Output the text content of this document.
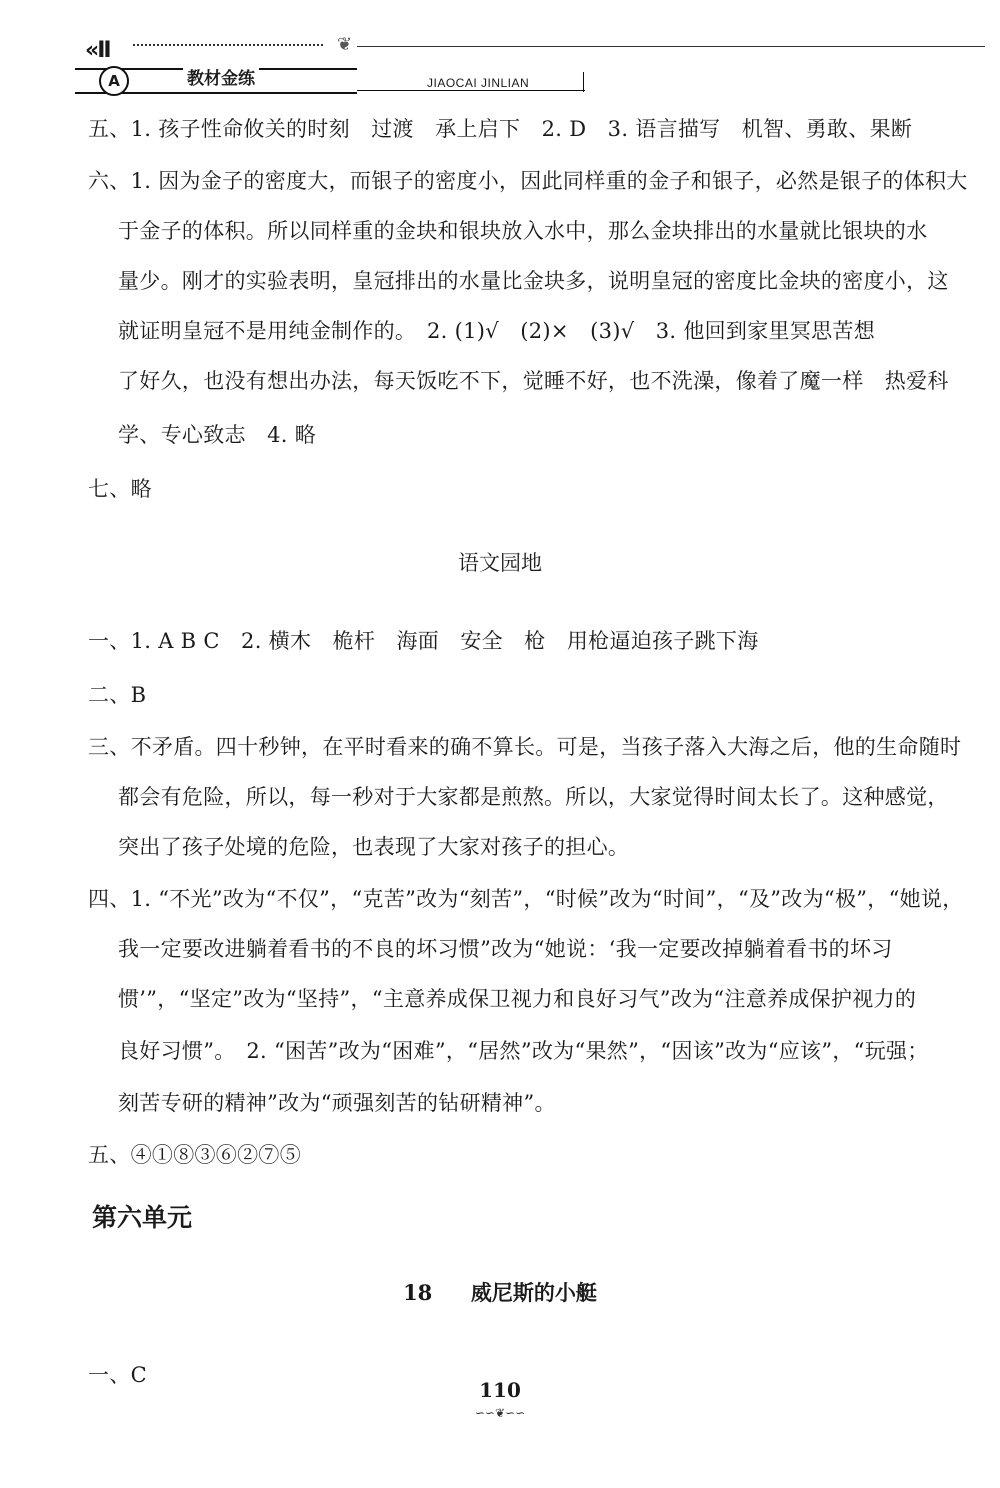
«II	❦
A	教材金练	JIAOCAI JINLIAN
五、1. 孩子性命攸关的时刻　过渡　承上启下　2. D　3. 语言描写　机智、勇敢、果断
六、1. 因为金子的密度大，而银子的密度小，因此同样重的金子和银子，必然是银子的体积大
于金子的体积。所以同样重的金块和银块放入水中，那么金块排出的水量就比银块的水
量少。刚才的实验表明，皇冠排出的水量比金块多，说明皇冠的密度比金块的密度小，这
就证明皇冠不是用纯金制作的。　2. (1)√　(2)×　(3)√　3. 他回到家里冥思苦想
了好久，也没有想出办法，每天饭吃不下，觉睡不好，也不洗澡，像着了魔一样　热爱科
学、专心致志　4. 略
七、略
语文园地
一、1. A B C　2. 横木　桅杆　海面　安全　枪　用枪逼迫孩子跳下海
二、B
三、不矛盾。四十秒钟，在平时看来的确不算长。可是，当孩子落入大海之后，他的生命随时
都会有危险，所以，每一秒对于大家都是煎熬。所以，大家觉得时间太长了。这种感觉，
突出了孩子处境的危险，也表现了大家对孩子的担心。
四、1. “不光”改为“不仅”，“克苦”改为“刻苦”，“时候”改为“时间”，“及”改为“极”，“她说，
我一定要改进躺着看书的不良的坏习惯”改为“她说：‘我一定要改掉躺着看书的坏习
惯’”，“坚定”改为“坚持”，“主意养成保卫视力和良好习气”改为“注意养成保护视力的
良好习惯”。　2. “困苦”改为“困难”，“居然”改为“果然”，“因该”改为“应该”，“玩强；
刻苦专研的精神”改为“顽强刻苦的钻研精神”。
五、④①⑧③⑥②⑦⑤
第六单元
18 威尼斯的小艇
一、C
110
∽∽❦∽∽
